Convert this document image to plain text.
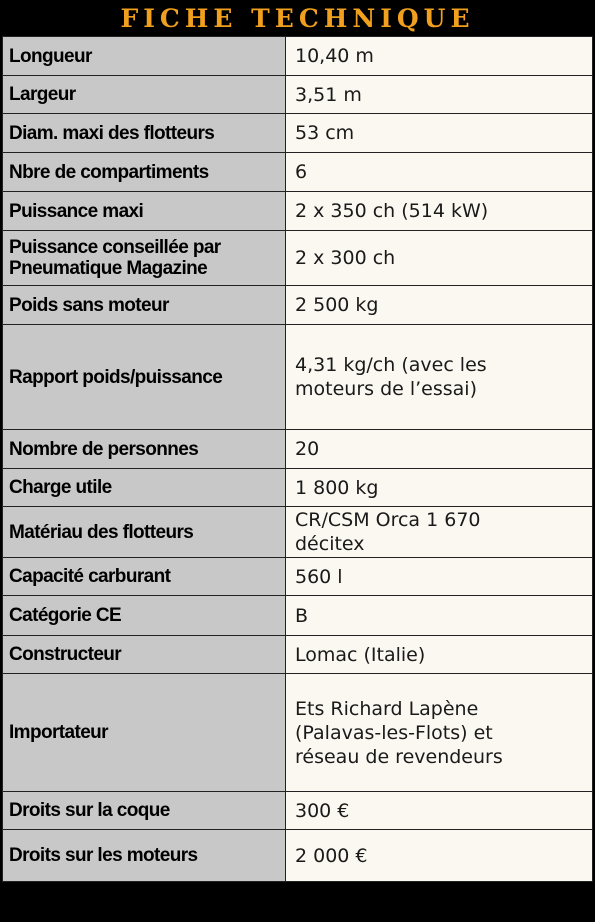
FICHE TECHNIQUE
Longueur	10,40 m
Largeur	3,51 m
Diam. maxi des flotteurs	53 cm
Nbre de compartiments	6
Puissance maxi	2 x 350 ch (514 kW)
Puissance conseillée par
Pneumatique Magazine	2 x 300 ch
Poids sans moteur	2 500 kg
Rapport poids/puissance	4,31 kg/ch (avec les
moteurs de l’essai)
Nombre de personnes	20
Charge utile	1 800 kg
Matériau des flotteurs	CR/CSM Orca 1 670
décitex
Capacité carburant	560 l
Catégorie CE	B
Constructeur	Lomac (Italie)
Importateur	Ets Richard Lapène
(Palavas-les-Flots) et
réseau de revendeurs
Droits sur la coque	300 €
Droits sur les moteurs	2 000 €
